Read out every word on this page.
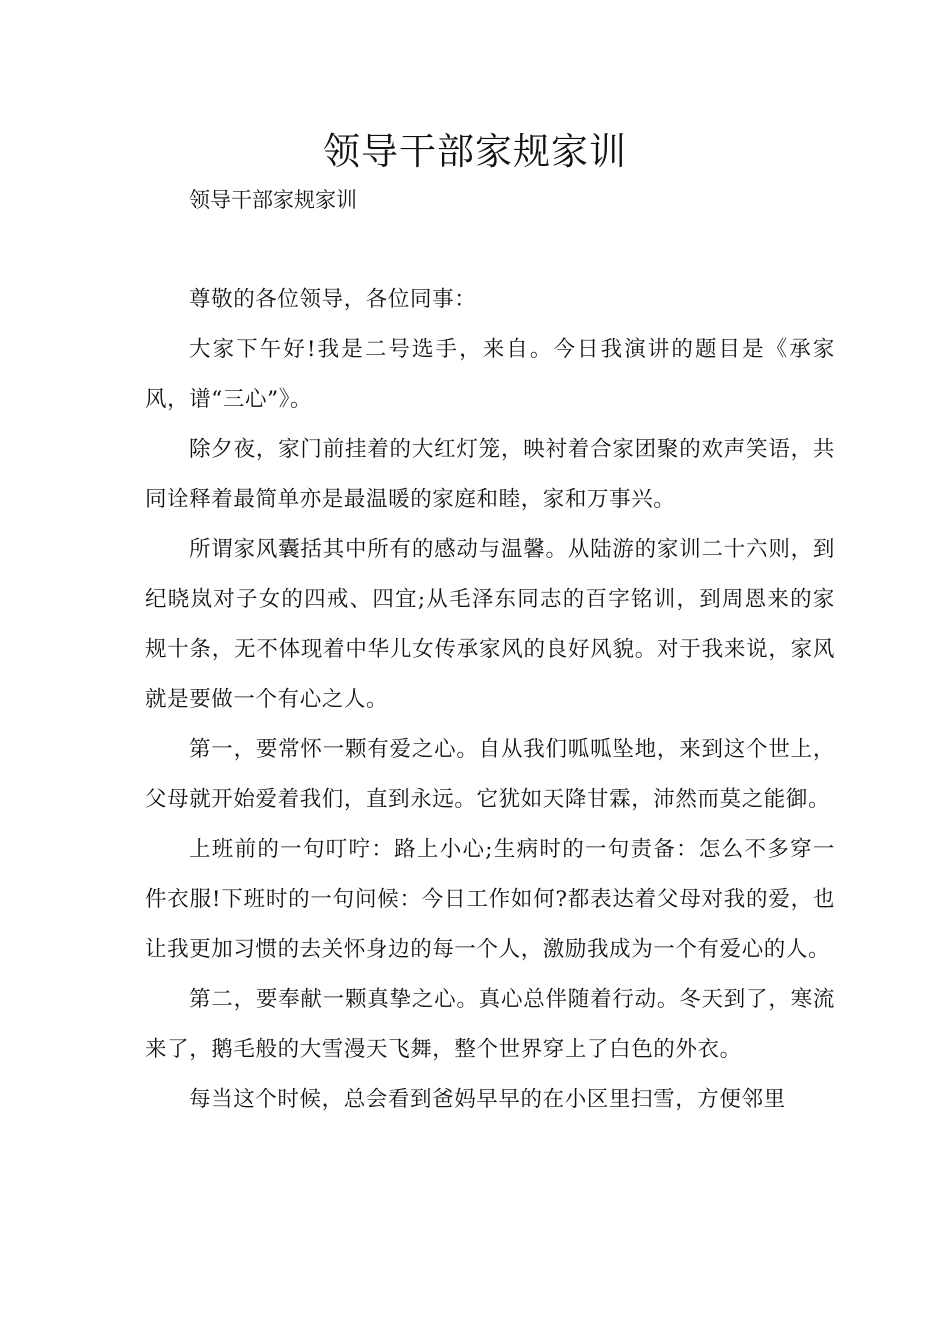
领导干部家规家训

领导干部家规家训

尊敬的各位领导，各位同事：

大家下午好!我是二号选手，来自。今日我演讲的题目是《承家风，谱“三心”》。

除夕夜，家门前挂着的大红灯笼，映衬着合家团聚的欢声笑语，共同诠释着最简单亦是最温暖的家庭和睦，家和万事兴。

所谓家风囊括其中所有的感动与温馨。从陆游的家训二十六则，到纪晓岚对子女的四戒、四宜;从毛泽东同志的百字铭训，到周恩来的家规十条，无不体现着中华儿女传承家风的良好风貌。对于我来说，家风就是要做一个有心之人。

第一，要常怀一颗有爱之心。自从我们呱呱坠地，来到这个世上，父母就开始爱着我们，直到永远。它犹如天降甘霖，沛然而莫之能御。

上班前的一句叮咛：路上小心;生病时的一句责备：怎么不多穿一件衣服!下班时的一句问候：今日工作如何?都表达着父母对我的爱，也让我更加习惯的去关怀身边的每一个人，激励我成为一个有爱心的人。

第二，要奉献一颗真挚之心。真心总伴随着行动。冬天到了，寒流来了，鹅毛般的大雪漫天飞舞，整个世界穿上了白色的外衣。

每当这个时候，总会看到爸妈早早的在小区里扫雪，方便邻里
